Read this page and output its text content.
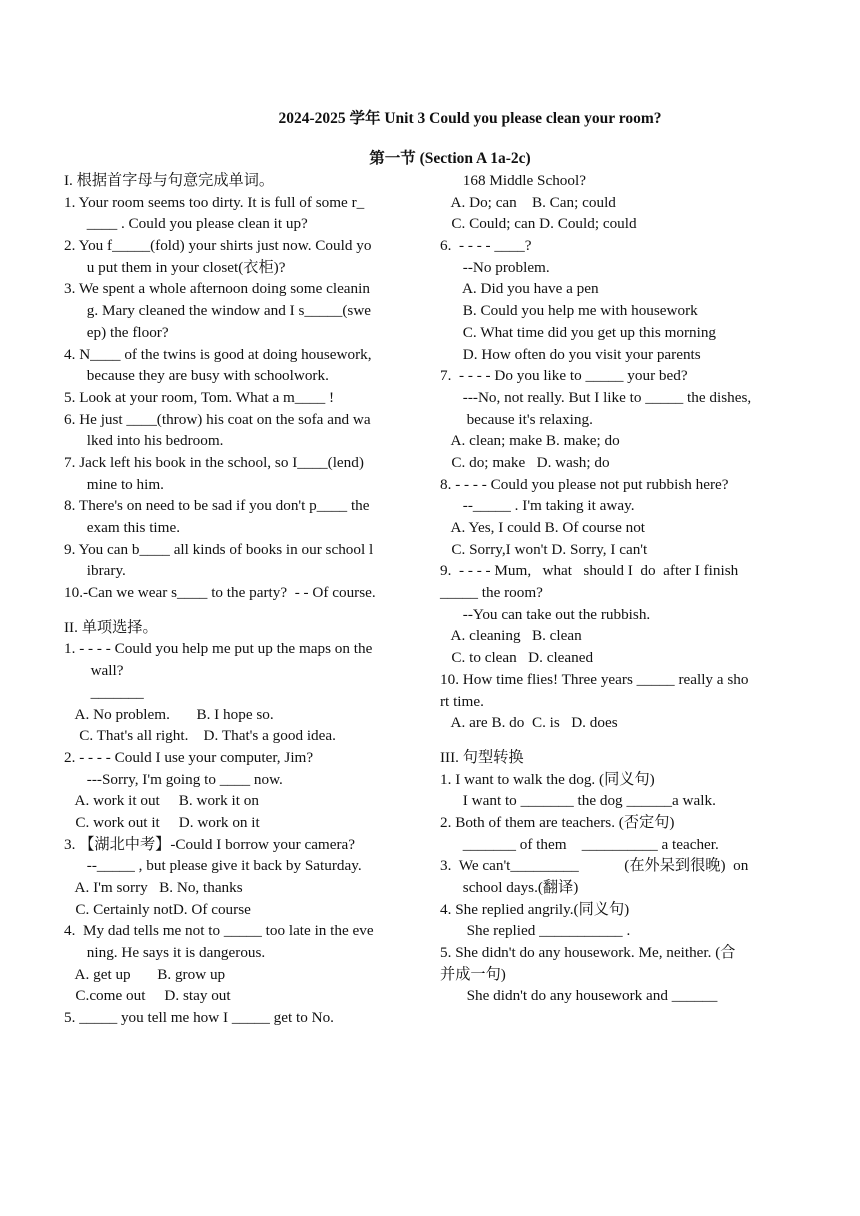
2024-2025 学年 Unit 3 Could you please clean your room?
第一节 (Section A 1a-2c)
I. 根据首字母与句意完成单词。
1. Your room seems too dirty. It is full of some r_
____ . Could you please clean it up?
2. You f_____(fold) your shirts just now. Could yo
u put them in your closet(衣柜)?
3. We spent a whole afternoon doing some cleanin
g. Mary cleaned the window and I s_____(swe
ep) the floor?
4. N____ of the twins is good at doing housework,
because they are busy with schoolwork.
5. Look at your room, Tom. What a m____ !
6. He just ____(throw) his coat on the sofa and wa
lked into his bedroom.
7. Jack left his book in the school, so I____(lend)
mine to him.
8. There's on need to be sad if you don't p____ the
exam this time.
9. You can b____ all kinds of books in our school l
ibrary.
10.-Can we wear s____ to the party?  - - Of course.
II. 单项选择。
1. - - - - Could you help me put up the maps on the
wall?
_______
A. No problem.       B. I hope so.
C. That's all right.    D. That's a good idea.
2. - - - - Could I use your computer, Jim?
---Sorry, I'm going to ____ now.
A. work it out     B. work it on
C. work out it     D. work on it
3. 【湖北中考】-Could I borrow your camera?
--_____ , but please give it back by Saturday.
A. I'm sorry   B. No, thanks
C. Certainly notD. Of course
4.  My dad tells me not to _____ too late in the eve
ning. He says it is dangerous.
A. get up       B. grow up
C.come out     D. stay out
5. _____ you tell me how I _____ get to No.
168 Middle School?
A. Do; can    B. Can; could
C. Could; can D. Could; could
6.  - - - - ____?
--No problem.
A. Did you have a pen
B. Could you help me with housework
C. What time did you get up this morning
D. How often do you visit your parents
7.  - - - - Do you like to _____ your bed?
---No, not really. But I like to _____ the dishes,
because it's relaxing.
A. clean; make B. make; do
C. do; make   D. wash; do
8. - - - - Could you please not put rubbish here?
--_____ . I'm taking it away.
A. Yes, I could B. Of course not
C. Sorry,I won't D. Sorry, I can't
9.  - - - - Mum,   what   should I  do  after I finish
_____ the room?
--You can take out the rubbish.
A. cleaning   B. clean
C. to clean   D. cleaned
10. How time flies! Three years _____ really a sho
rt time.
A. are B. do  C. is   D. does
III. 句型转换
1. I want to walk the dog. (同义句)
I want to _______ the dog ______a walk.
2. Both of them are teachers. (否定句)
_______ of them    __________ a teacher.
3.  We can't_________            (在外呆到很晚)  on
school days.(翻译)
4. She replied angrily.(同义句)
She replied ___________ .
5. She didn't do any housework. Me, neither. (合
并成一句)
She didn't do any housework and ______
